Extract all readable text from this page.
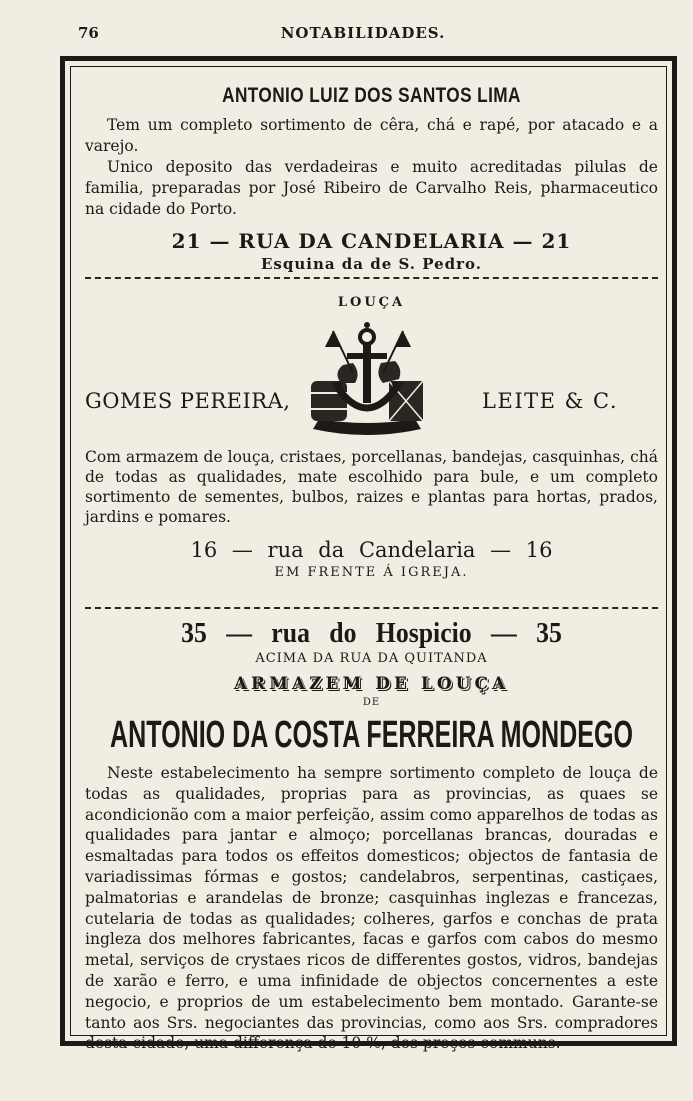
76	NOTABILIDADES.

ANTONIO LUIZ DOS SANTOS LIMA

Tem um completo sortimento de cêra, chá e rapé, por atacado e a varejo.

Unico deposito das verdadeiras e muito acreditadas pilulas de familia, preparadas por José Ribeiro de Carvalho Reis, pharmaceutico na cidade do Porto.

21 — RUA DA CANDELARIA — 21
Esquina da de S. Pedro.

LOUÇA

GOMES PEREIRA,	LEITE & C.

Com armazem de louça, cristaes, porcellanas, bandejas, casquinhas, chá de todas as qualidades, mate escolhido para bule, e um completo sortimento de sementes, bulbos, raizes e plantas para hortas, prados, jardins e pomares.

16 — rua da Candelaria — 16
EM FRENTE Á IGREJA.
35 — rua do Hospicio — 35
ACIMA DA RUA DA QUITANDA
ARMAZEM DE LOUÇA
DE
ANTONIO DA COSTA FERREIRA MONDEGO

Neste estabelecimento ha sempre sortimento completo de louça de todas as qualidades, proprias para as provincias, as quaes se acondicionão com a maior perfeição, assim como apparelhos de todas as qualidades para jantar e almoço; porcellanas brancas, douradas e esmaltadas para todos os effeitos domesticos; objectos de fantasia de variadissimas fórmas e gostos; candelabros, serpentinas, castiçaes, palmatorias e arandelas de bronze; casquinhas inglezas e francezas, cutelaria de todas as qualidades; colheres, garfos e conchas de prata ingleza dos melhores fabricantes, facas e garfos com cabos do mesmo metal, serviços de crystaes ricos de differentes gostos, vidros, bandejas de xarão e ferro, e uma infinidade de objectos concernentes a este negocio, e proprios de um estabelecimento bem montado. Garante-se tanto aos Srs. negociantes das provincias, como aos Srs. compradores desta cidade, uma differença de 10 %, dos preços communs.
